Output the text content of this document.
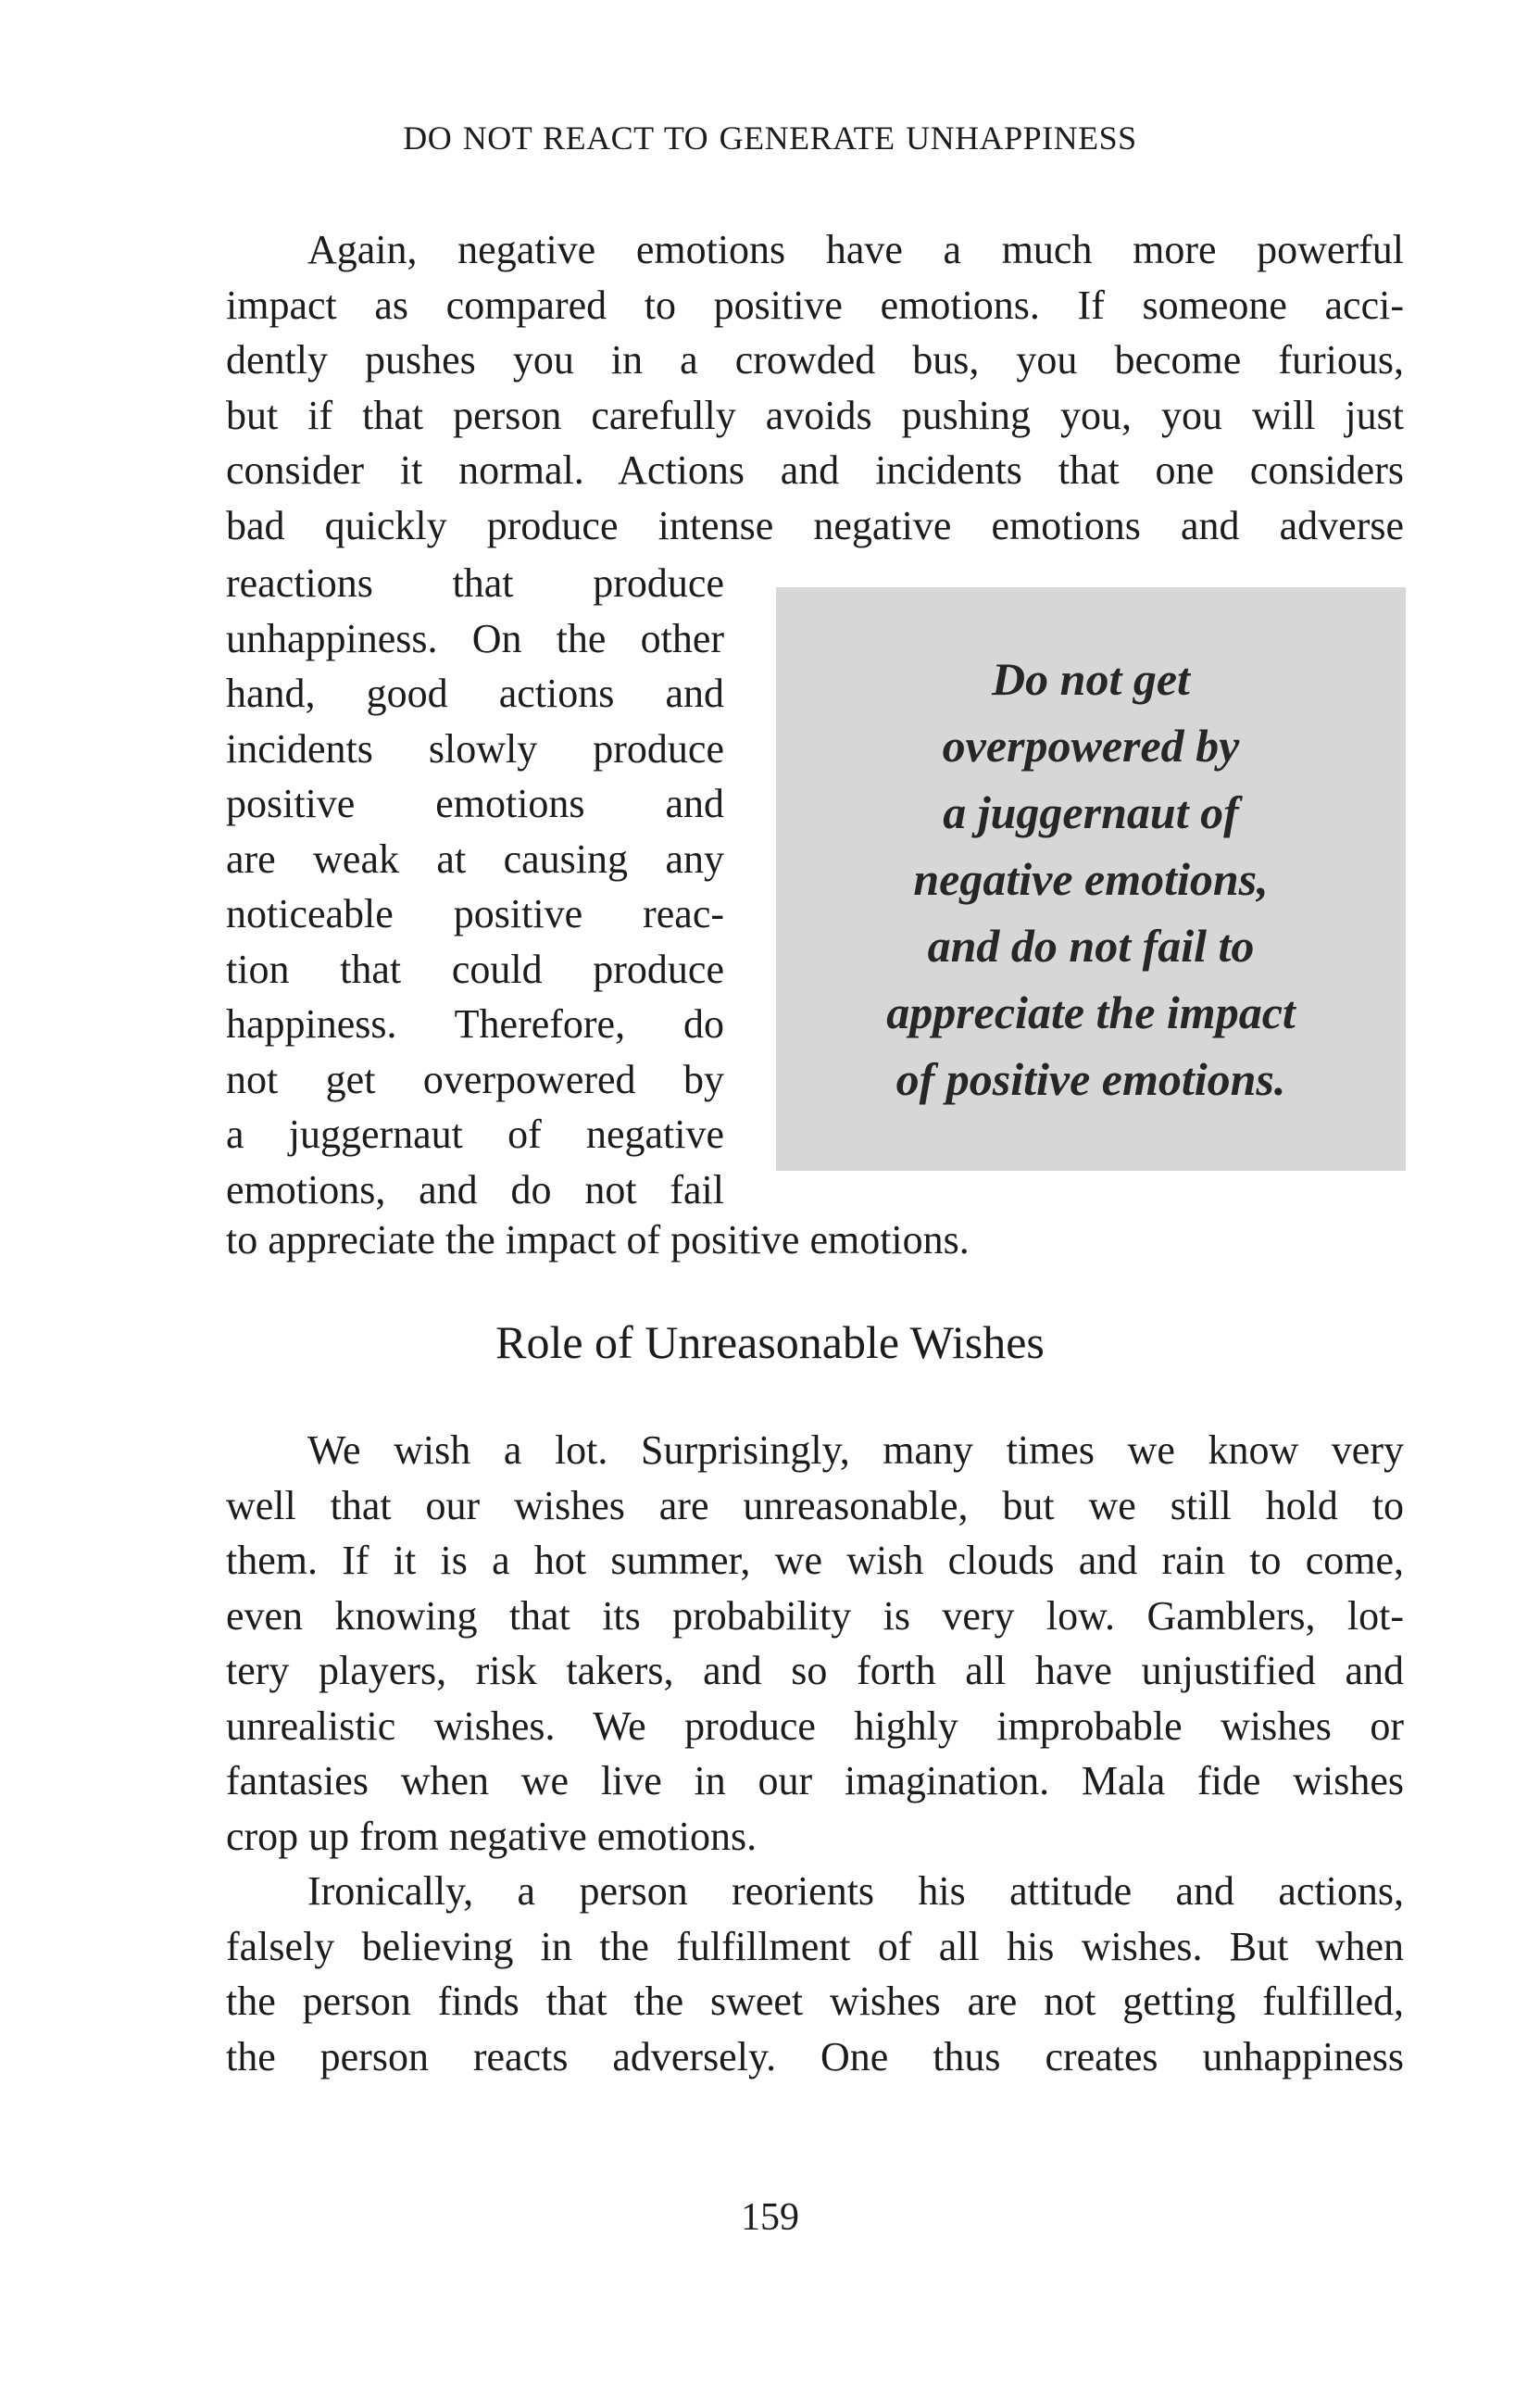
DO NOT REACT TO GENERATE UNHAPPINESS
Again, negative emotions have a much more powerful
impact as compared to positive emotions. If someone acci-
dently pushes you in a crowded bus, you become furious,
but if that person carefully avoids pushing you, you will just
consider it normal. Actions and incidents that one considers
bad quickly produce intense negative emotions and adverse
reactions that produce
unhappiness. On the other
hand, good actions and
incidents slowly produce
positive emotions and
are weak at causing any
noticeable positive reac-
tion that could produce
happiness. Therefore, do
not get overpowered by
a juggernaut of negative
emotions, and do not fail
Do not get
overpowered by
a juggernaut of
negative emotions,
and do not fail to
appreciate the impact
of positive emotions.
to appreciate the impact of positive emotions.
Role of Unreasonable Wishes
We wish a lot. Surprisingly, many times we know very
well that our wishes are unreasonable, but we still hold to
them. If it is a hot summer, we wish clouds and rain to come,
even knowing that its probability is very low. Gamblers, lot-
tery players, risk takers, and so forth all have unjustified and
unrealistic wishes. We produce highly improbable wishes or
fantasies when we live in our imagination. Mala fide wishes
crop up from negative emotions.
Ironically, a person reorients his attitude and actions,
falsely believing in the fulfillment of all his wishes. But when
the person finds that the sweet wishes are not getting fulfilled,
the person reacts adversely. One thus creates unhappiness
159
